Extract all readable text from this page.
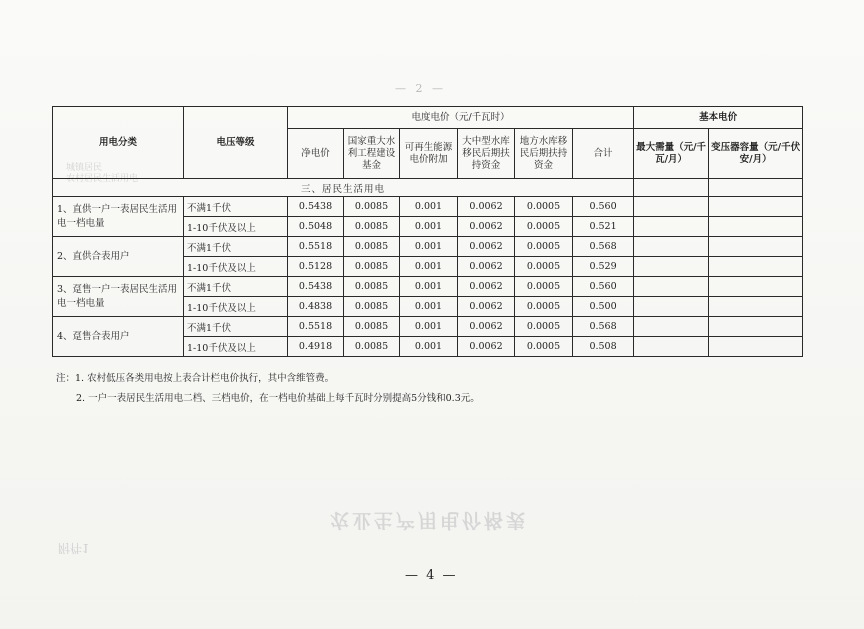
— 2 —
城镇居民
农村居民生活用电
农业生产用电价格表
附件1
用电分类	电压等级	电度电价（元/千瓦时）						基本电价	
		净电价	国家重大水利工程建设基金	可再生能源电价附加	大中型水库移民后期扶持资金	地方水库移民后期扶持资金	合计	最大需量（元/千瓦/月）	变压器容量（元/千伏安/月）
三、居民生活用电									
1、直供一户一表居民生活用电一档电量	不满1千伏	0.5438	0.0085	0.001	0.0062	0.0005	0.560		
	1-10千伏及以上	0.5048	0.0085	0.001	0.0062	0.0005	0.521		
2、直供合表用户	不满1千伏	0.5518	0.0085	0.001	0.0062	0.0005	0.568		
	1-10千伏及以上	0.5128	0.0085	0.001	0.0062	0.0005	0.529		
3、趸售一户一表居民生活用电一档电量	不满1千伏	0.5438	0.0085	0.001	0.0062	0.0005	0.560		
	1-10千伏及以上	0.4838	0.0085	0.001	0.0062	0.0005	0.500		
4、趸售合表用户	不满1千伏	0.5518	0.0085	0.001	0.0062	0.0005	0.568		
	1-10千伏及以上	0.4918	0.0085	0.001	0.0062	0.0005	0.508		
注：1. 农村低压各类用电按上表合计栏电价执行，其中含维管费。
2. 一户一表居民生活用电二档、三档电价，在一档电价基础上每千瓦时分别提高5分钱和0.3元。
— 4 —
